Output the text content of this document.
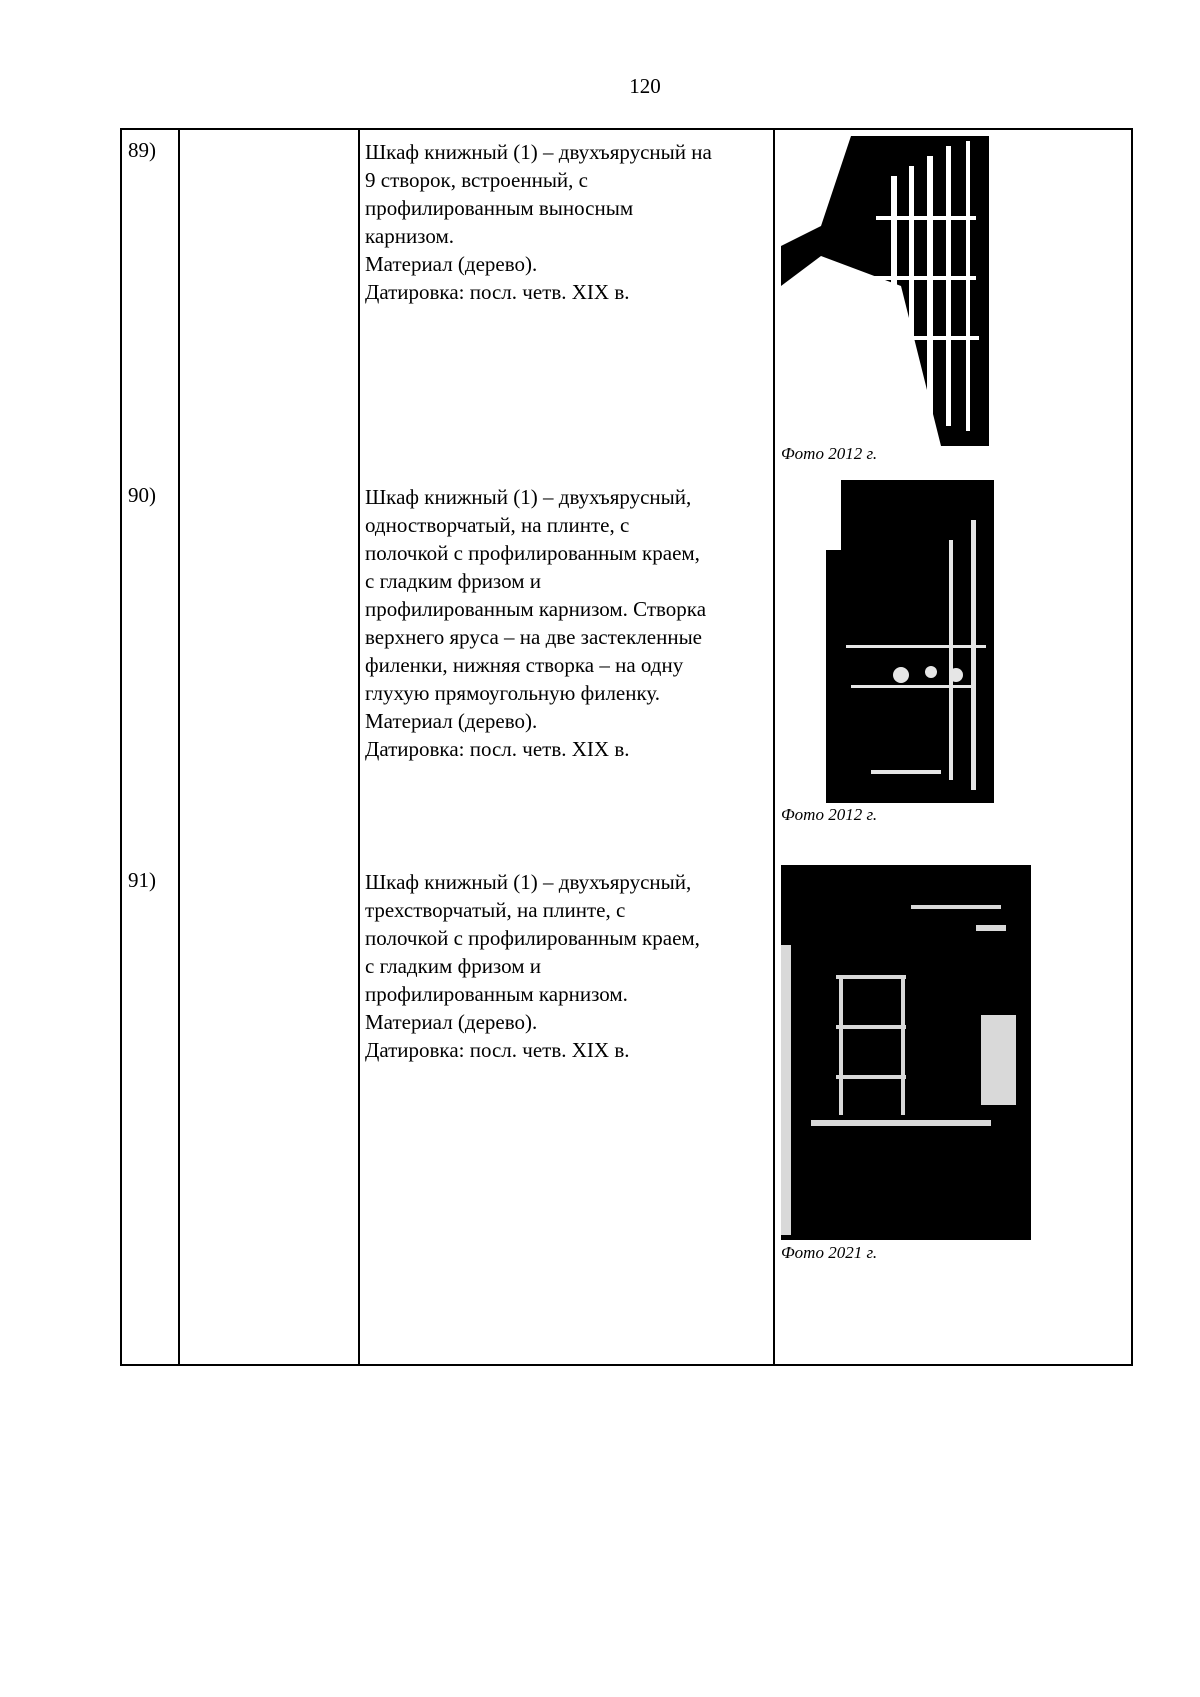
120
89)	Шкаф книжный (1) – двухъярусный на
9 створок, встроенный, с
профилированным выносным
карнизом.
Материал (дерево).
Датировка: посл. четв. XIX в.
Фото 2012 г.
90)	Шкаф книжный (1) – двухъярусный,
одностворчатый, на плинте, с
полочкой с профилированным краем,
с гладким фризом и
профилированным карнизом. Створка
верхнего яруса – на две застекленные
филенки, нижняя створка – на одну
глухую прямоугольную филенку.
Материал (дерево).
Датировка: посл. четв. XIX в.
Фото 2012 г.
91)	Шкаф книжный (1) – двухъярусный,
трехстворчатый, на плинте, с
полочкой с профилированным краем,
с гладким фризом и
профилированным карнизом.
Материал (дерево).
Датировка: посл. четв. XIX в.
Фото 2021 г.
